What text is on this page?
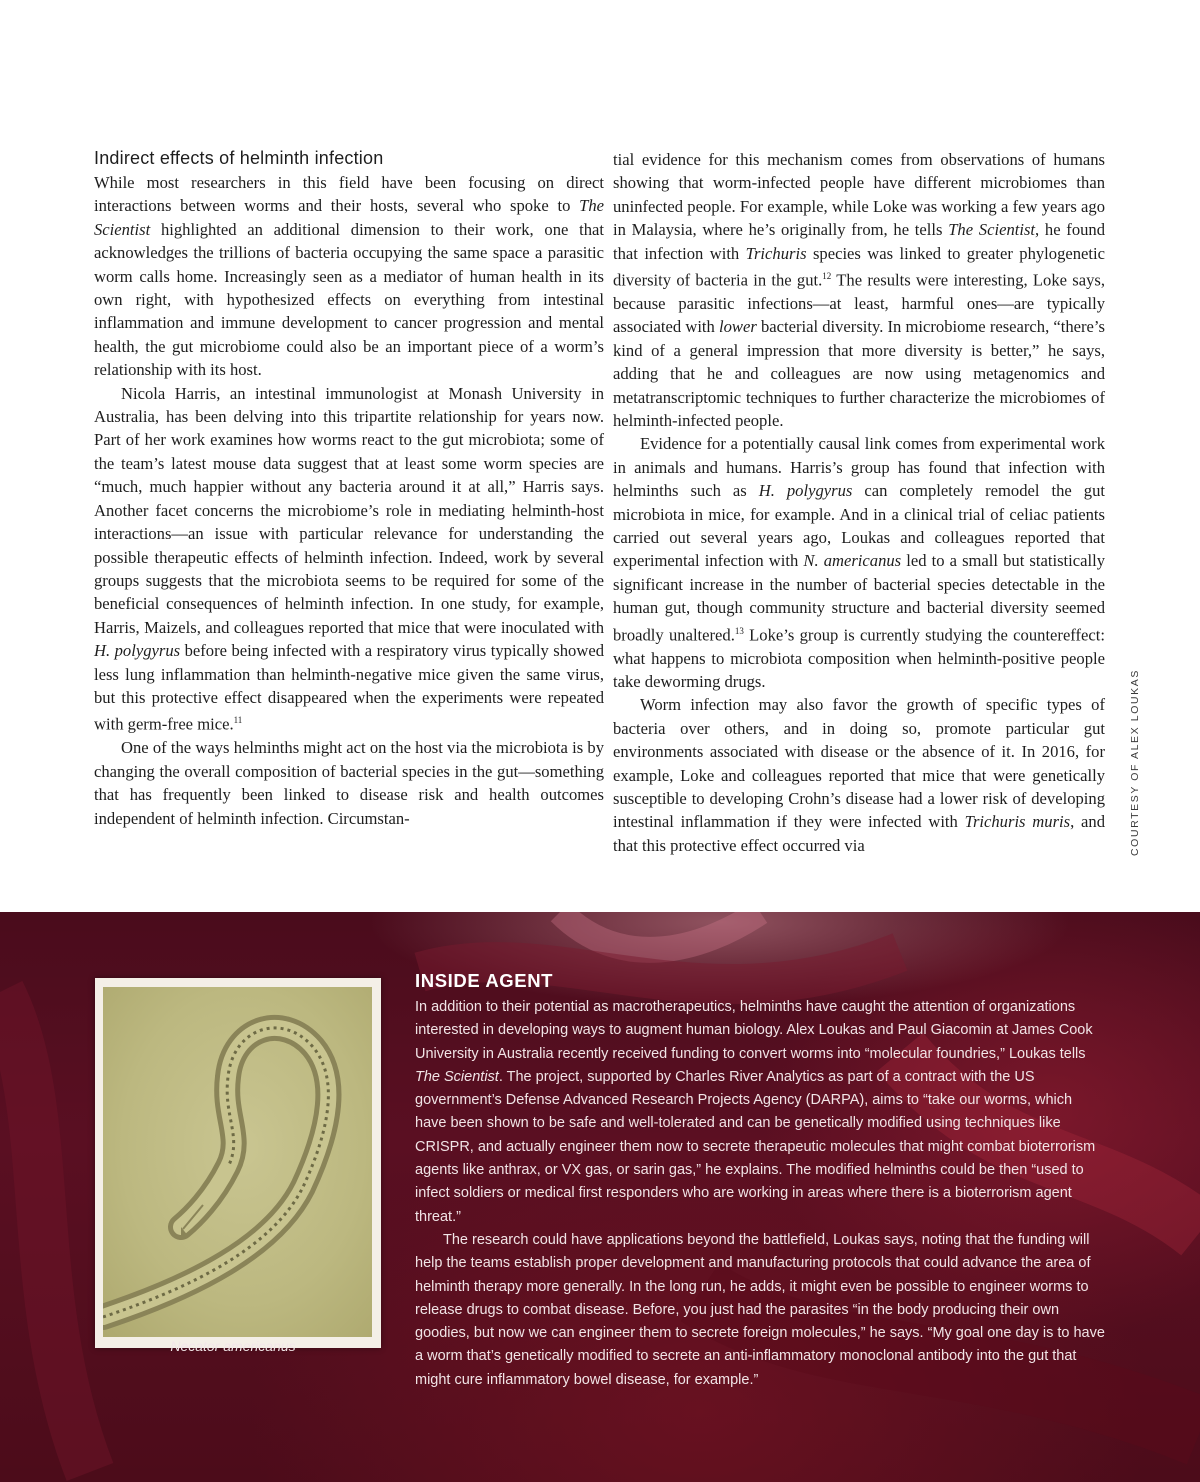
Indirect effects of helminth infection

While most researchers in this field have been focusing on direct interactions between worms and their hosts, several who spoke to The Scientist highlighted an additional dimension to their work, one that acknowledges the trillions of bacteria occupying the same space a parasitic worm calls home. Increasingly seen as a mediator of human health in its own right, with hypothesized effects on everything from intestinal inflammation and immune development to cancer progression and mental health, the gut microbiome could also be an important piece of a worm’s relationship with its host.

Nicola Harris, an intestinal immunologist at Monash University in Australia, has been delving into this tripartite relationship for years now. Part of her work examines how worms react to the gut microbiota; some of the team’s latest mouse data suggest that at least some worm species are “much, much happier without any bacteria around it at all,” Harris says. Another facet concerns the microbiome’s role in mediating helminth-host interactions—an issue with particular relevance for understanding the possible therapeutic effects of helminth infection. Indeed, work by several groups suggests that the microbiota seems to be required for some of the beneficial consequences of helminth infection. In one study, for example, Harris, Maizels, and colleagues reported that mice that were inoculated with H. polygyrus before being infected with a respiratory virus typically showed less lung inflammation than helminth-negative mice given the same virus, but this protective effect disappeared when the experiments were repeated with germ-free mice.$^{11}$

One of the ways helminths might act on the host via the microbiota is by changing the overall composition of bacterial species in the gut—something that has frequently been linked to disease risk and health outcomes independent of helminth infection. Circumstan-

tial evidence for this mechanism comes from observations of humans showing that worm-infected people have different microbiomes than uninfected people. For example, while Loke was working a few years ago in Malaysia, where he’s originally from, he tells The Scientist, he found that infection with Trichuris species was linked to greater phylogenetic diversity of bacteria in the gut.$^{12}$ The results were interesting, Loke says, because parasitic infections—at least, harmful ones—are typically associated with lower bacterial diversity. In microbiome research, “there’s kind of a general impression that more diversity is better,” he says, adding that he and colleagues are now using metagenomics and metatranscriptomic techniques to further characterize the microbiomes of helminth-infected people.

Evidence for a potentially causal link comes from experimental work in animals and humans. Harris’s group has found that infection with helminths such as H. polygyrus can completely remodel the gut microbiota in mice, for example. And in a clinical trial of celiac patients carried out several years ago, Loukas and colleagues reported that experimental infection with N. americanus led to a small but statistically significant increase in the number of bacterial species detectable in the human gut, though community structure and bacterial diversity seemed broadly unaltered.$^{13}$ Loke’s group is currently studying the countereffect: what happens to microbiota composition when helminth-positive people take deworming drugs.

Worm infection may also favor the growth of specific types of bacteria over others, and in doing so, promote particular gut environments associated with disease or the absence of it. In 2016, for example, Loke and colleagues reported that mice that were genetically susceptible to developing Crohn’s disease had a lower risk of developing intestinal inflammation if they were infected with Trichuris muris, and that this protective effect occurred via	COURTESY OF ALEX LOUKAS
Necator americanus
INSIDE AGENT

In addition to their potential as macrotherapeutics, helminths have caught the attention of organizations interested in developing ways to augment human biology. Alex Loukas and Paul Giacomin at James Cook University in Australia recently received funding to convert worms into “molecular foundries,” Loukas tells The Scientist. The project, supported by Charles River Analytics as part of a contract with the US government’s Defense Advanced Research Projects Agency (DARPA), aims to “take our worms, which have been shown to be safe and well-tolerated and can be genetically modified using techniques like CRISPR, and actually engineer them now to secrete therapeutic molecules that might combat bioterrorism agents like anthrax, or VX gas, or sarin gas,” he explains. The modified helminths could be then “used to infect soldiers or medical first responders who are working in areas where there is a bioterrorism agent threat.”

The research could have applications beyond the battlefield, Loukas says, noting that the funding will help the teams establish proper development and manufacturing protocols that could advance the area of helminth therapy more generally. In the long run, he adds, it might even be possible to engineer worms to release drugs to combat disease. Before, you just had the parasites “in the body producing their own goodies, but now we can engineer them to secrete foreign molecules,” he says. “My goal one day is to have a worm that’s genetically modified to secrete an anti-inflammatory monoclonal antibody into the gut that might cure inflammatory bowel disease, for example.”
